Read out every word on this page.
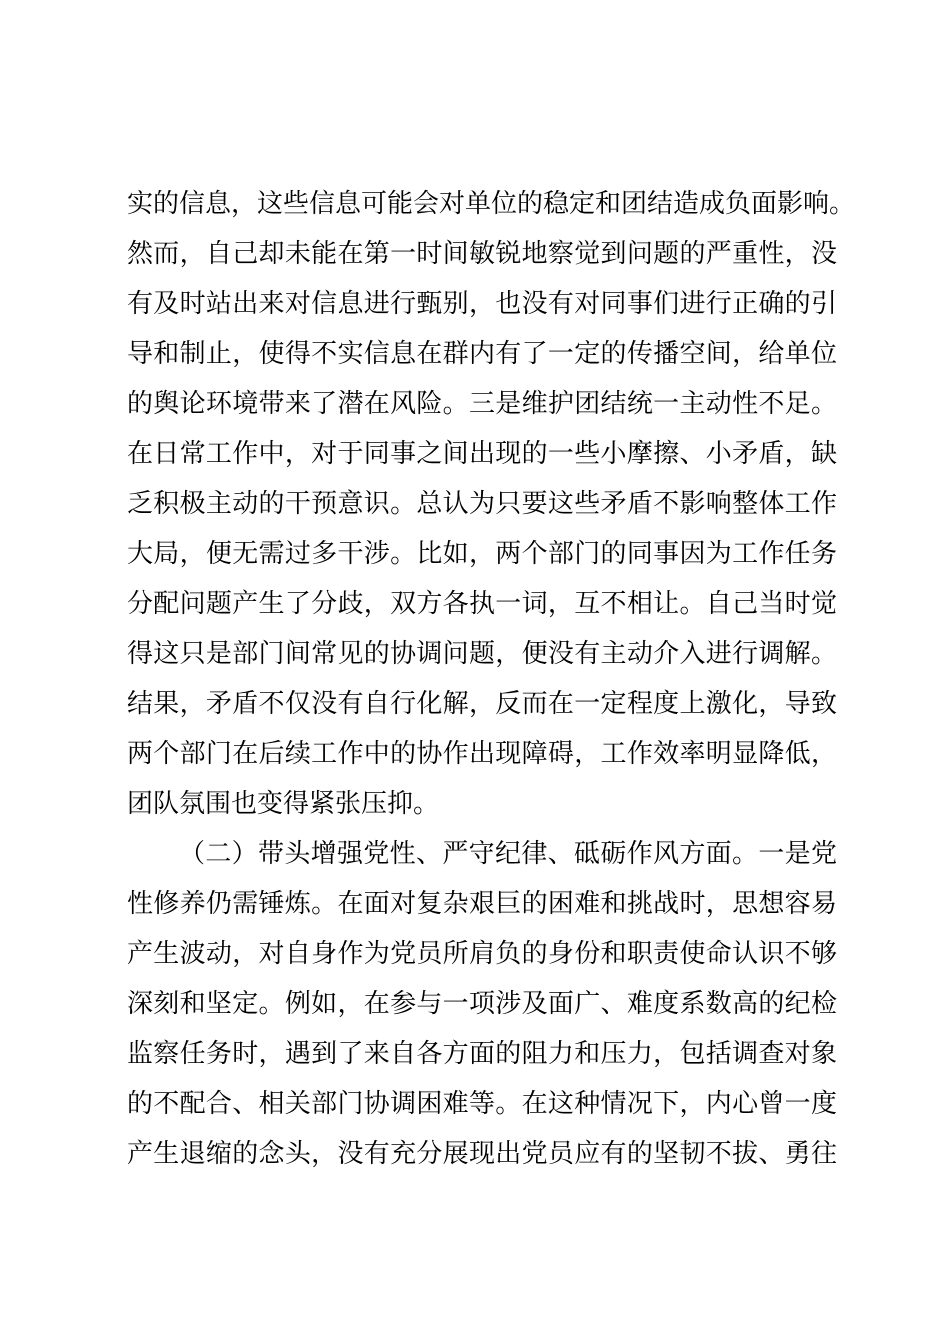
实的信息，这些信息可能会对单位的稳定和团结造成负面影响。
然而，自己却未能在第一时间敏锐地察觉到问题的严重性，没
有及时站出来对信息进行甄别，也没有对同事们进行正确的引
导和制止，使得不实信息在群内有了一定的传播空间，给单位
的舆论环境带来了潜在风险。三是维护团结统一主动性不足。
在日常工作中，对于同事之间出现的一些小摩擦、小矛盾，缺
乏积极主动的干预意识。总认为只要这些矛盾不影响整体工作
大局，便无需过多干涉。比如，两个部门的同事因为工作任务
分配问题产生了分歧，双方各执一词，互不相让。自己当时觉
得这只是部门间常见的协调问题，便没有主动介入进行调解。
结果，矛盾不仅没有自行化解，反而在一定程度上激化，导致
两个部门在后续工作中的协作出现障碍，工作效率明显降低，
团队氛围也变得紧张压抑。
（二）带头增强党性、严守纪律、砥砺作风方面。一是党
性修养仍需锤炼。在面对复杂艰巨的困难和挑战时，思想容易
产生波动，对自身作为党员所肩负的身份和职责使命认识不够
深刻和坚定。例如，在参与一项涉及面广、难度系数高的纪检
监察任务时，遇到了来自各方面的阻力和压力，包括调查对象
的不配合、相关部门协调困难等。在这种情况下，内心曾一度
产生退缩的念头，没有充分展现出党员应有的坚韧不拔、勇往
